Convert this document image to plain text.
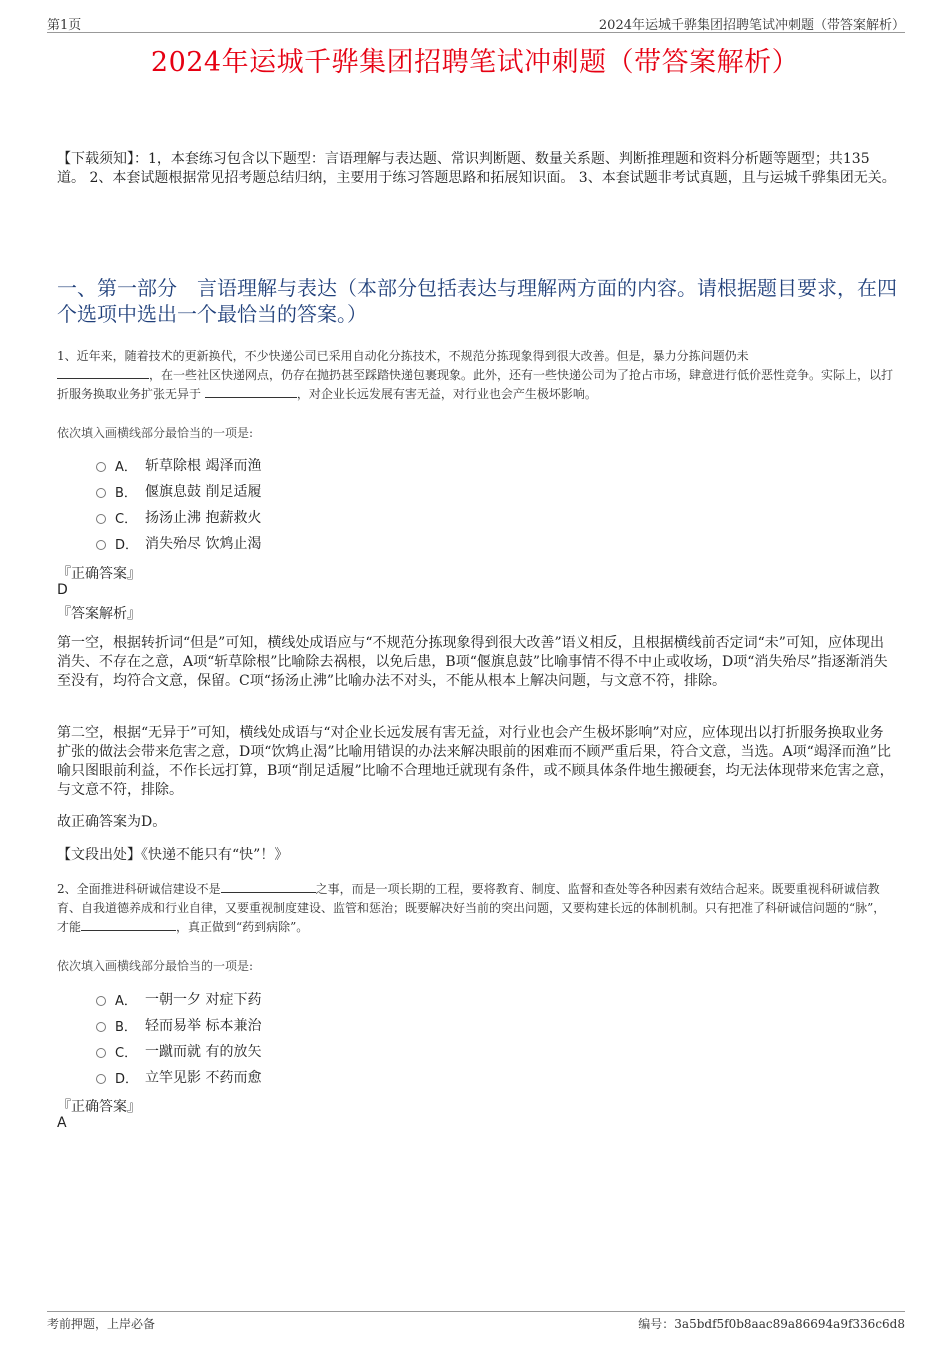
第1页	2024年运城千骅集团招聘笔试冲刺题（带答案解析）
2024年运城千骅集团招聘笔试冲刺题（带答案解析）
【下载须知】：1，本套练习包含以下题型：言语理解与表达题、常识判断题、数量关系题、判断推理题和资料分析题等题型；共135道。 2、本套试题根据常见招考题总结归纳，主要用于练习答题思路和拓展知识面。 3、本套试题非考试真题，且与运城千骅集团无关。
一、第一部分　言语理解与表达（本部分包括表达与理解两方面的内容。请根据题目要求，在四个选项中选出一个最恰当的答案。）
1、近年来，随着技术的更新换代，不少快递公司已采用自动化分拣技术，不规范分拣现象得到很大改善。但是，暴力分拣问题仍未
，在一些社区快递网点，仍存在抛扔甚至踩踏快递包裹现象。此外，还有一些快递公司为了抢占市场，肆意进行低价恶性竞争。实际上，以打折服务换取业务扩张无异于	，对企业长远发展有害无益，对行业也会产生极坏影响。
依次填入画横线部分最恰当的一项是:
A． 斩草除根 竭泽而渔
B． 偃旗息鼓 削足适履
C． 扬汤止沸 抱薪救火
D． 消失殆尽 饮鸩止渴
『正确答案』
D
『答案解析』
第一空，根据转折词“但是”可知，横线处成语应与“不规范分拣现象得到很大改善”语义相反，且根据横线前否定词“未”可知，应体现出消失、不存在之意，A项“斩草除根”比喻除去祸根，以免后患，B项“偃旗息鼓”比喻事情不得不中止或收场，D项“消失殆尽”指逐渐消失至没有，均符合文意，保留。C项“扬汤止沸”比喻办法不对头，不能从根本上解决问题，与文意不符，排除。
第二空，根据“无异于”可知，横线处成语与“对企业长远发展有害无益，对行业也会产生极坏影响”对应，应体现出以打折服务换取业务扩张的做法会带来危害之意，D项“饮鸩止渴”比喻用错误的办法来解决眼前的困难而不顾严重后果，符合文意，当选。A项“竭泽而渔”比喻只图眼前利益，不作长远打算，B项“削足适履”比喻不合理地迁就现有条件，或不顾具体条件地生搬硬套，均无法体现带来危害之意，与文意不符，排除。
故正确答案为D。
【文段出处】《快递不能只有“快”！》
2、全面推进科研诚信建设不是	之事，而是一项长期的工程，要将教育、制度、监督和查处等各种因素有效结合起来。既要重视科研诚信教育、自我道德养成和行业自律，又要重视制度建设、监管和惩治；既要解决好当前的突出问题，又要构建长远的体制机制。只有把准了科研诚信问题的“脉”，才能	，真正做到“药到病除”。
依次填入画横线部分最恰当的一项是:
A． 一朝一夕 对症下药
B． 轻而易举 标本兼治
C． 一蹴而就 有的放矢
D． 立竿见影 不药而愈
『正确答案』
A
考前押题，上岸必备	编号：3a5bdf5f0b8aac89a86694a9f336c6d8
